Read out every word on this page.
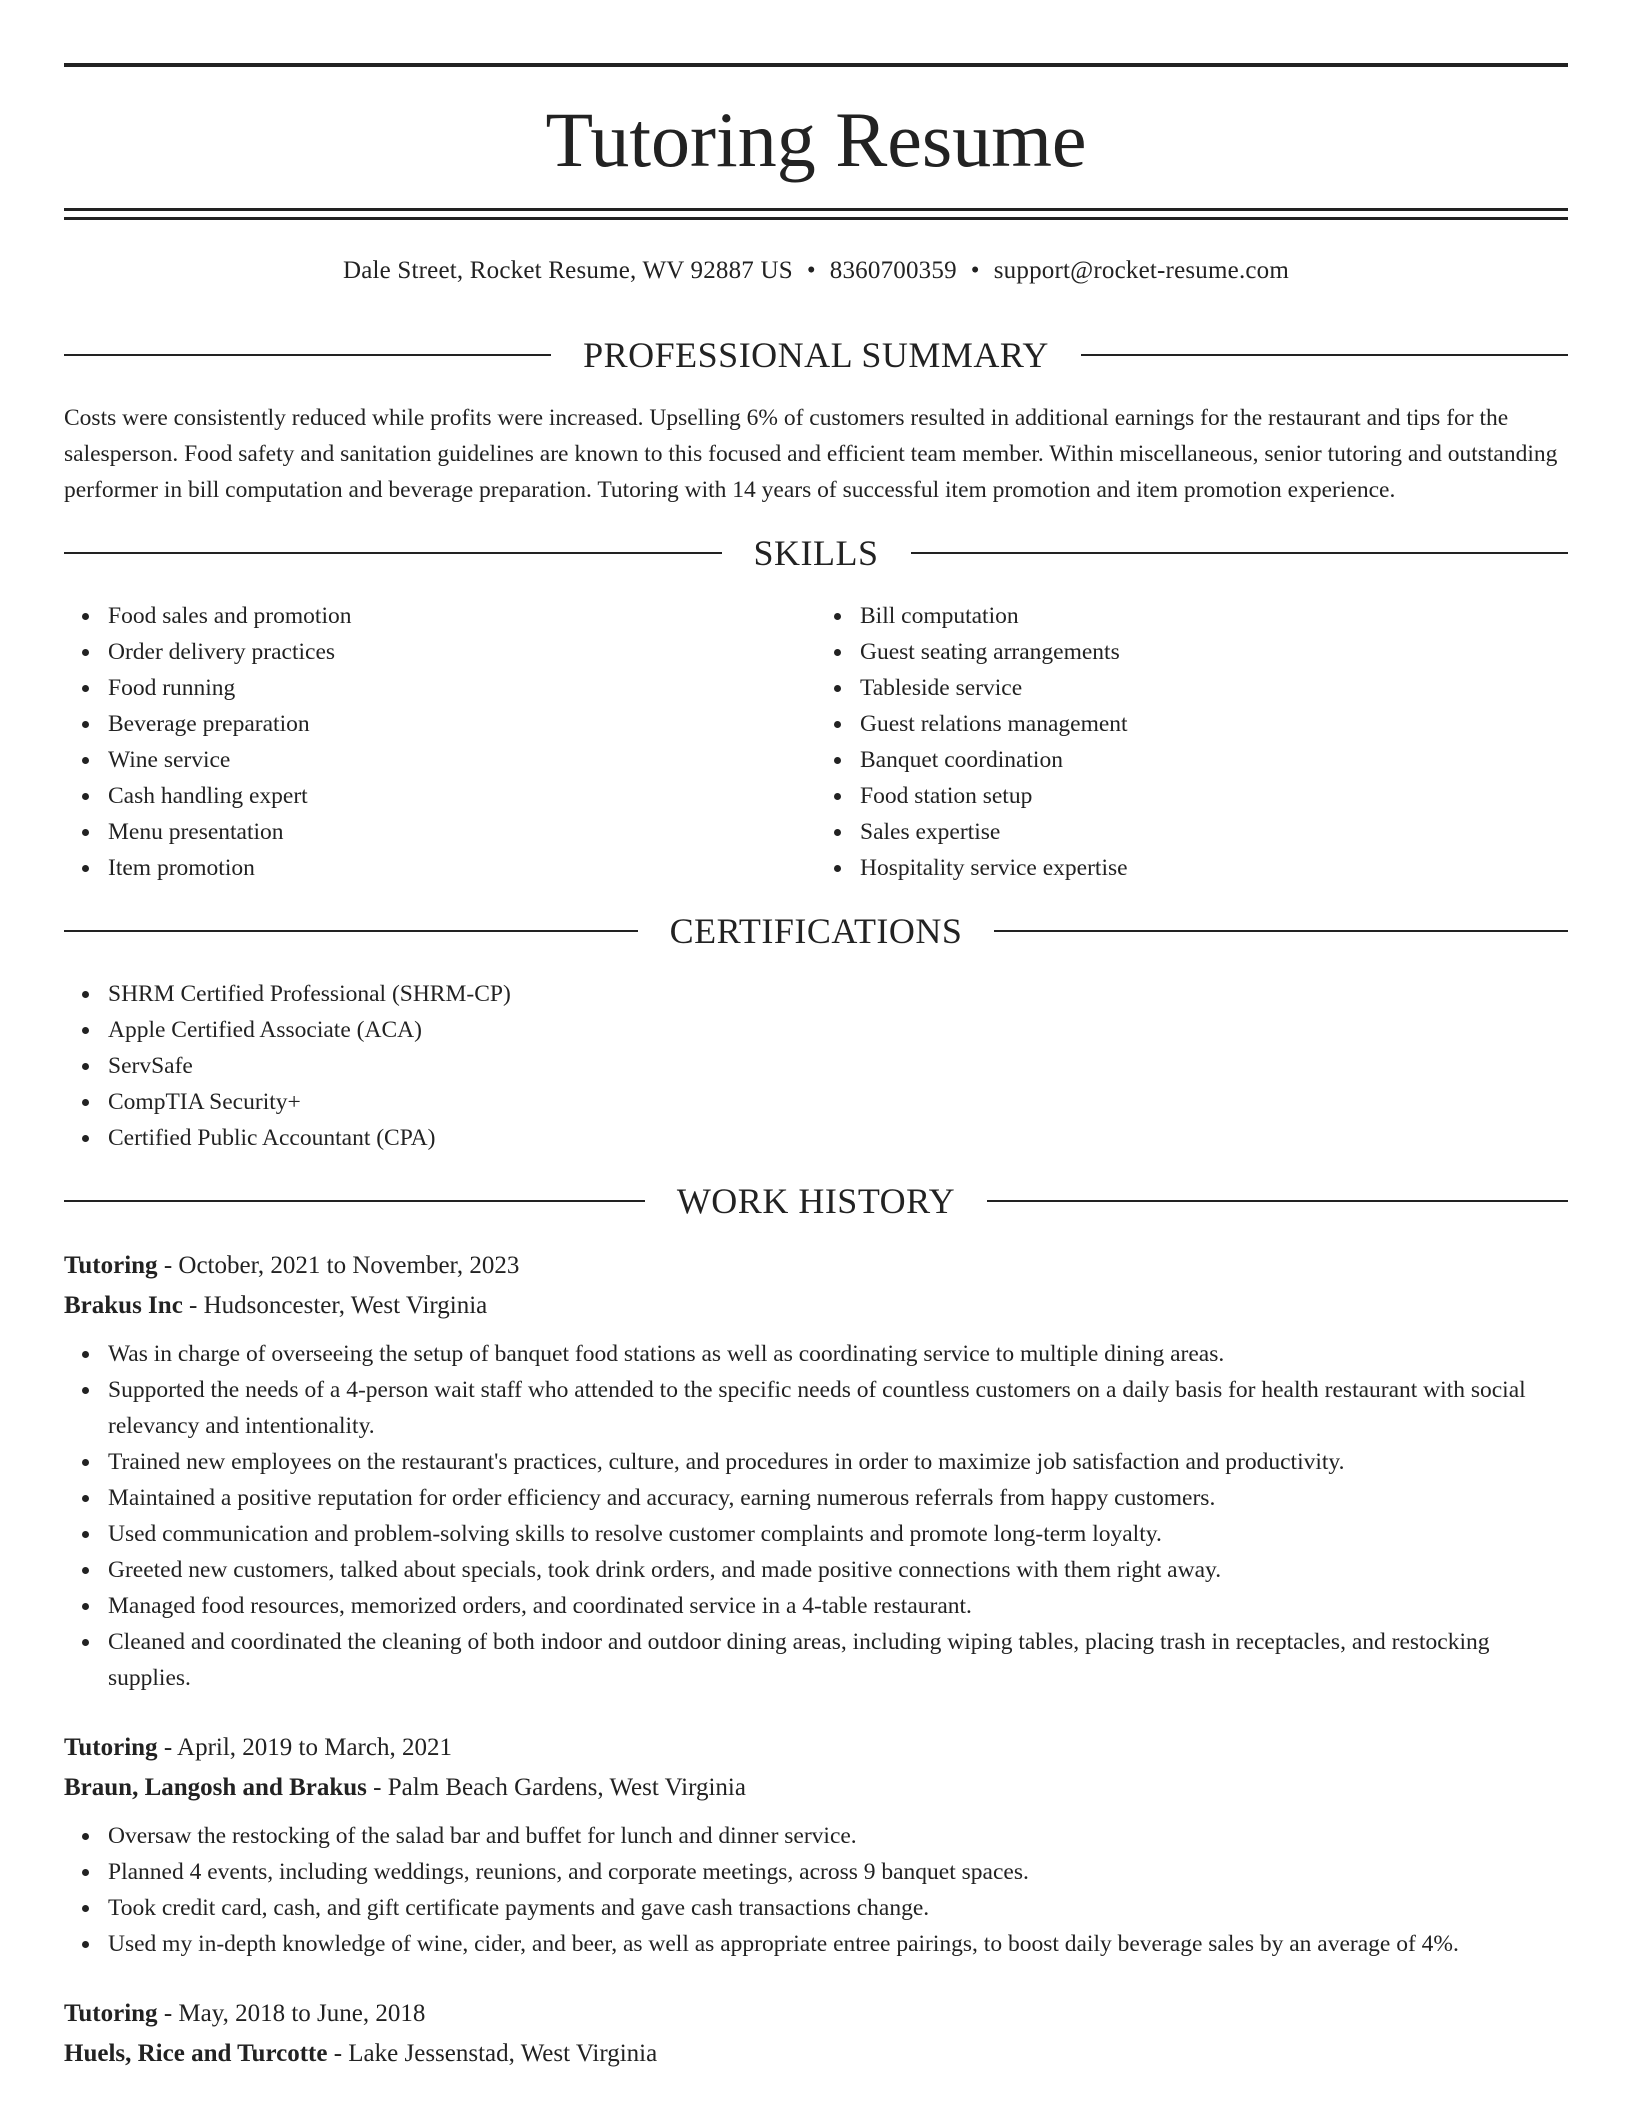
Tutoring Resume
Dale Street, Rocket Resume, WV 92887 US • 8360700359 • support@rocket-resume.com
PROFESSIONAL SUMMARY

Costs were consistently reduced while profits were increased. Upselling 6% of customers resulted in additional earnings for the restaurant and tips for the salesperson. Food safety and sanitation guidelines are known to this focused and efficient team member. Within miscellaneous, senior tutoring and outstanding performer in bill computation and beverage preparation. Tutoring with 14 years of successful item promotion and item promotion experience.

SKILLS
Food sales and promotion
Order delivery practices
Food running
Beverage preparation
Wine service
Cash handling expert
Menu presentation
Item promotion
Bill computation
Guest seating arrangements
Tableside service
Guest relations management
Banquet coordination
Food station setup
Sales expertise
Hospitality service expertise
CERTIFICATIONS
SHRM Certified Professional (SHRM-CP)
Apple Certified Associate (ACA)
ServSafe
CompTIA Security+
Certified Public Accountant (CPA)
WORK HISTORY
Tutoring - October, 2021 to November, 2023
Brakus Inc - Hudsoncester, West Virginia
Was in charge of overseeing the setup of banquet food stations as well as coordinating service to multiple dining areas.
Supported the needs of a 4-person wait staff who attended to the specific needs of countless customers on a daily basis for health restaurant with social relevancy and intentionality.
Trained new employees on the restaurant's practices, culture, and procedures in order to maximize job satisfaction and productivity.
Maintained a positive reputation for order efficiency and accuracy, earning numerous referrals from happy customers.
Used communication and problem-solving skills to resolve customer complaints and promote long-term loyalty.
Greeted new customers, talked about specials, took drink orders, and made positive connections with them right away.
Managed food resources, memorized orders, and coordinated service in a 4-table restaurant.
Cleaned and coordinated the cleaning of both indoor and outdoor dining areas, including wiping tables, placing trash in receptacles, and restocking supplies.
Tutoring - April, 2019 to March, 2021
Braun, Langosh and Brakus - Palm Beach Gardens, West Virginia
Oversaw the restocking of the salad bar and buffet for lunch and dinner service.
Planned 4 events, including weddings, reunions, and corporate meetings, across 9 banquet spaces.
Took credit card, cash, and gift certificate payments and gave cash transactions change.
Used my in-depth knowledge of wine, cider, and beer, as well as appropriate entree pairings, to boost daily beverage sales by an average of 4%.
Tutoring - May, 2018 to June, 2018
Huels, Rice and Turcotte - Lake Jessenstad, West Virginia
